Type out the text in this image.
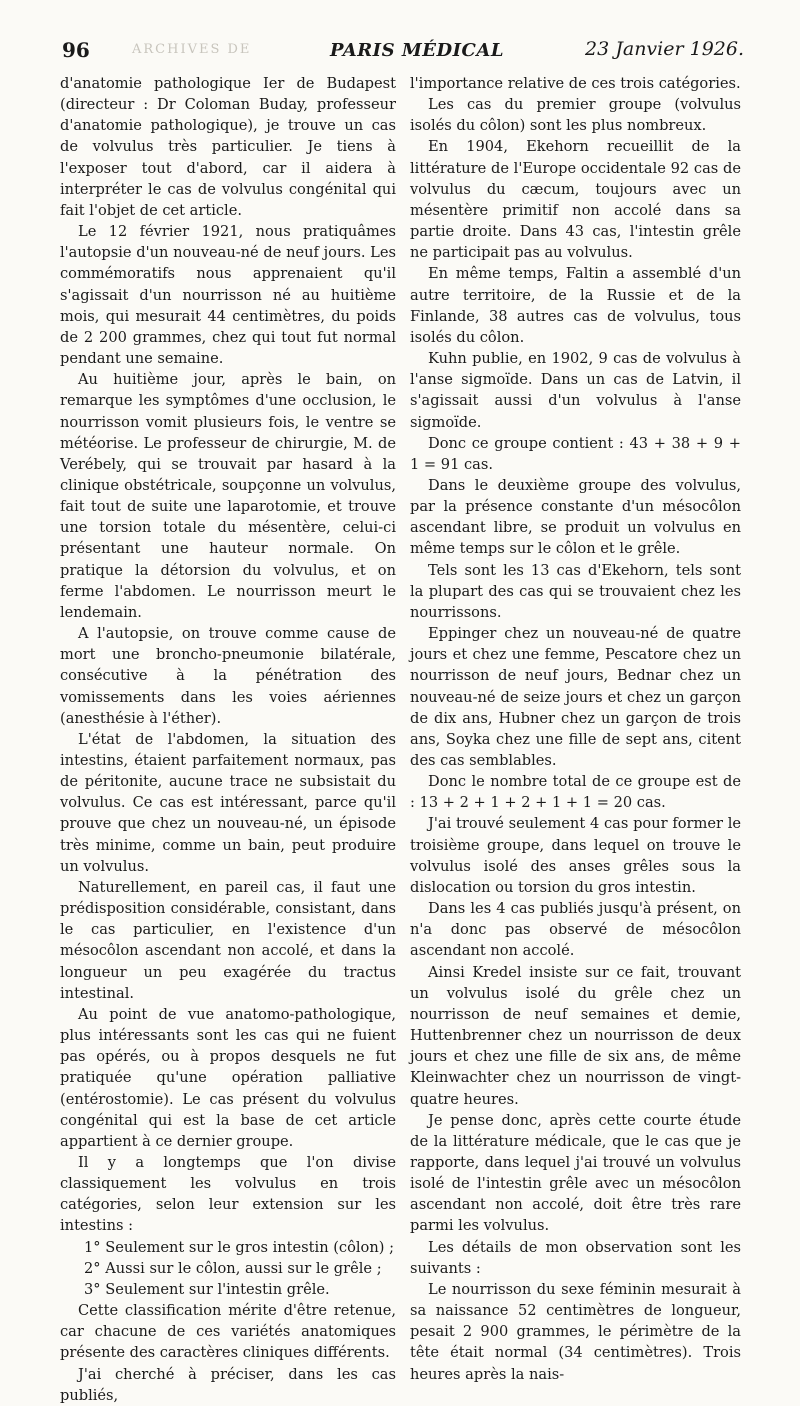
96	ARCHIVES DE	PARIS MÉDICAL	23 Janvier 1926.

d'anatomie pathologique Ier de Budapest (directeur : Dr Coloman Buday, professeur d'anatomie pathologique), je trouve un cas de volvulus très particulier. Je tiens à l'exposer tout d'abord, car il aidera à interpréter le cas de volvulus congénital qui fait l'objet de cet article.

Le 12 février 1921, nous pratiquâmes l'autopsie d'un nouveau-né de neuf jours. Les commémoratifs nous apprenaient qu'il s'agissait d'un nourrisson né au huitième mois, qui mesurait 44 centimètres, du poids de 2 200 grammes, chez qui tout fut normal pendant une semaine.

Au huitième jour, après le bain, on remarque les symptômes d'une occlusion, le nourrisson vomit plusieurs fois, le ventre se météorise. Le professeur de chirurgie, M. de Verébely, qui se trouvait par hasard à la clinique obstétricale, soupçonne un volvulus, fait tout de suite une laparotomie, et trouve une torsion totale du mésentère, celui-ci présentant une hauteur normale. On pratique la détorsion du volvulus, et on ferme l'abdomen. Le nourrisson meurt le lendemain.

A l'autopsie, on trouve comme cause de mort une broncho-pneumonie bilatérale, consécutive à la pénétration des vomissements dans les voies aériennes (anesthésie à l'éther).

L'état de l'abdomen, la situation des intestins, étaient parfaitement normaux, pas de péritonite, aucune trace ne subsistait du volvulus. Ce cas est intéressant, parce qu'il prouve que chez un nouveau-né, un épisode très minime, comme un bain, peut produire un volvulus.

Naturellement, en pareil cas, il faut une prédisposition considérable, consistant, dans le cas particulier, en l'existence d'un mésocôlon ascendant non accolé, et dans la longueur un peu exagérée du tractus intestinal.

Au point de vue anatomo-pathologique, plus intéressants sont les cas qui ne fuient pas opérés, ou à propos desquels ne fut pratiquée qu'une opération palliative (entérostomie). Le cas présent du volvulus congénital qui est la base de cet article appartient à ce dernier groupe.

Il y a longtemps que l'on divise classiquement les volvulus en trois catégories, selon leur extension sur les intestins :

1° Seulement sur le gros intestin (côlon) ;

2° Aussi sur le côlon, aussi sur le grêle ;

3° Seulement sur l'intestin grêle.

Cette classification mérite d'être retenue, car chacune de ces variétés anatomiques présente des caractères cliniques différents.

J'ai cherché à préciser, dans les cas publiés,

l'importance relative de ces trois catégories.

Les cas du premier groupe (volvulus isolés du côlon) sont les plus nombreux.

En 1904, Ekehorn recueillit de la littérature de l'Europe occidentale 92 cas de volvulus du cæcum, toujours avec un mésentère primitif non accolé dans sa partie droite. Dans 43 cas, l'intestin grêle ne participait pas au volvulus.

En même temps, Faltin a assemblé d'un autre territoire, de la Russie et de la Finlande, 38 autres cas de volvulus, tous isolés du côlon.

Kuhn publie, en 1902, 9 cas de volvulus à l'anse sigmoïde. Dans un cas de Latvin, il s'agissait aussi d'un volvulus à l'anse sigmoïde.

Donc ce groupe contient : 43 + 38 + 9 + 1 = 91 cas.

Dans le deuxième groupe des volvulus, par la présence constante d'un mésocôlon ascendant libre, se produit un volvulus en même temps sur le côlon et le grêle.

Tels sont les 13 cas d'Ekehorn, tels sont la plupart des cas qui se trouvaient chez les nourrissons.

Eppinger chez un nouveau-né de quatre jours et chez une femme, Pescatore chez un nourrisson de neuf jours, Bednar chez un nouveau-né de seize jours et chez un garçon de dix ans, Hubner chez un garçon de trois ans, Soyka chez une fille de sept ans, citent des cas semblables.

Donc le nombre total de ce groupe est de : 13 + 2 + 1 + 2 + 1 + 1 = 20 cas.

J'ai trouvé seulement 4 cas pour former le troisième groupe, dans lequel on trouve le volvulus isolé des anses grêles sous la dislocation ou torsion du gros intestin.

Dans les 4 cas publiés jusqu'à présent, on n'a donc pas observé de mésocôlon ascendant non accolé.

Ainsi Kredel insiste sur ce fait, trouvant un volvulus isolé du grêle chez un nourrisson de neuf semaines et demie, Huttenbrenner chez un nourrisson de deux jours et chez une fille de six ans, de même Kleinwachter chez un nourrisson de vingt-quatre heures.

Je pense donc, après cette courte étude de la littérature médicale, que le cas que je rapporte, dans lequel j'ai trouvé un volvulus isolé de l'intestin grêle avec un mésocôlon ascendant non accolé, doit être très rare parmi les volvulus.

Les détails de mon observation sont les suivants :

Le nourrisson du sexe féminin mesurait à sa naissance 52 centimètres de longueur, pesait 2 900 grammes, le périmètre de la tête était normal (34 centimètres). Trois heures après la nais-
